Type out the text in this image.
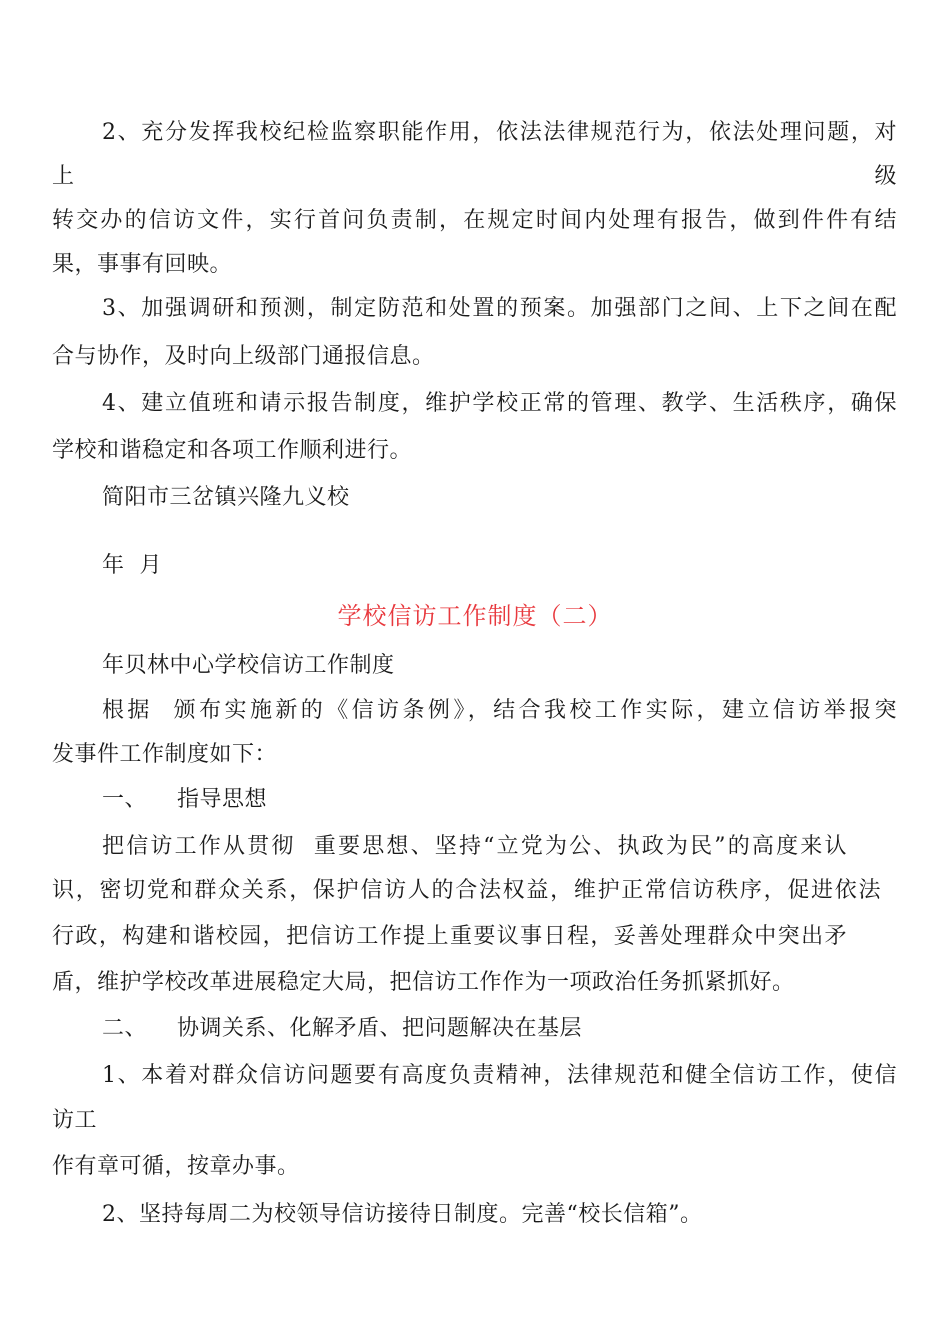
2、充分发挥我校纪检监察职能作用，依法法律规范行为，依法处理问题，对
上	级
转交办的信访文件，实行首问负责制，在规定时间内处理有报告，做到件件有结
果，事事有回映。
3、加强调研和预测，制定防范和处置的预案。加强部门之间、上下之间在配
合与协作，及时向上级部门通报信息。
4、建立值班和请示报告制度，维护学校正常的管理、教学、生活秩序，确保
学校和谐稳定和各项工作顺利进行。
简阳市三岔镇兴隆九义校
年  月
学校信访工作制度（二）
年贝林中心学校信访工作制度
根据  颁布实施新的《信访条例》，结合我校工作实际，建立信访举报突
发事件工作制度如下：
一、    指导思想
把信访工作从贯彻  重要思想、坚持“立党为公、执政为民”的高度来认
识，密切党和群众关系，保护信访人的合法权益，维护正常信访秩序，促进依法
行政，构建和谐校园，把信访工作提上重要议事日程，妥善处理群众中突出矛
盾，维护学校改革进展稳定大局，把信访工作作为一项政治任务抓紧抓好。
二、    协调关系、化解矛盾、把问题解决在基层
1、本着对群众信访问题要有高度负责精神，法律规范和健全信访工作，使信
访工
作有章可循，按章办事。
2、坚持每周二为校领导信访接待日制度。完善“校长信箱”。
